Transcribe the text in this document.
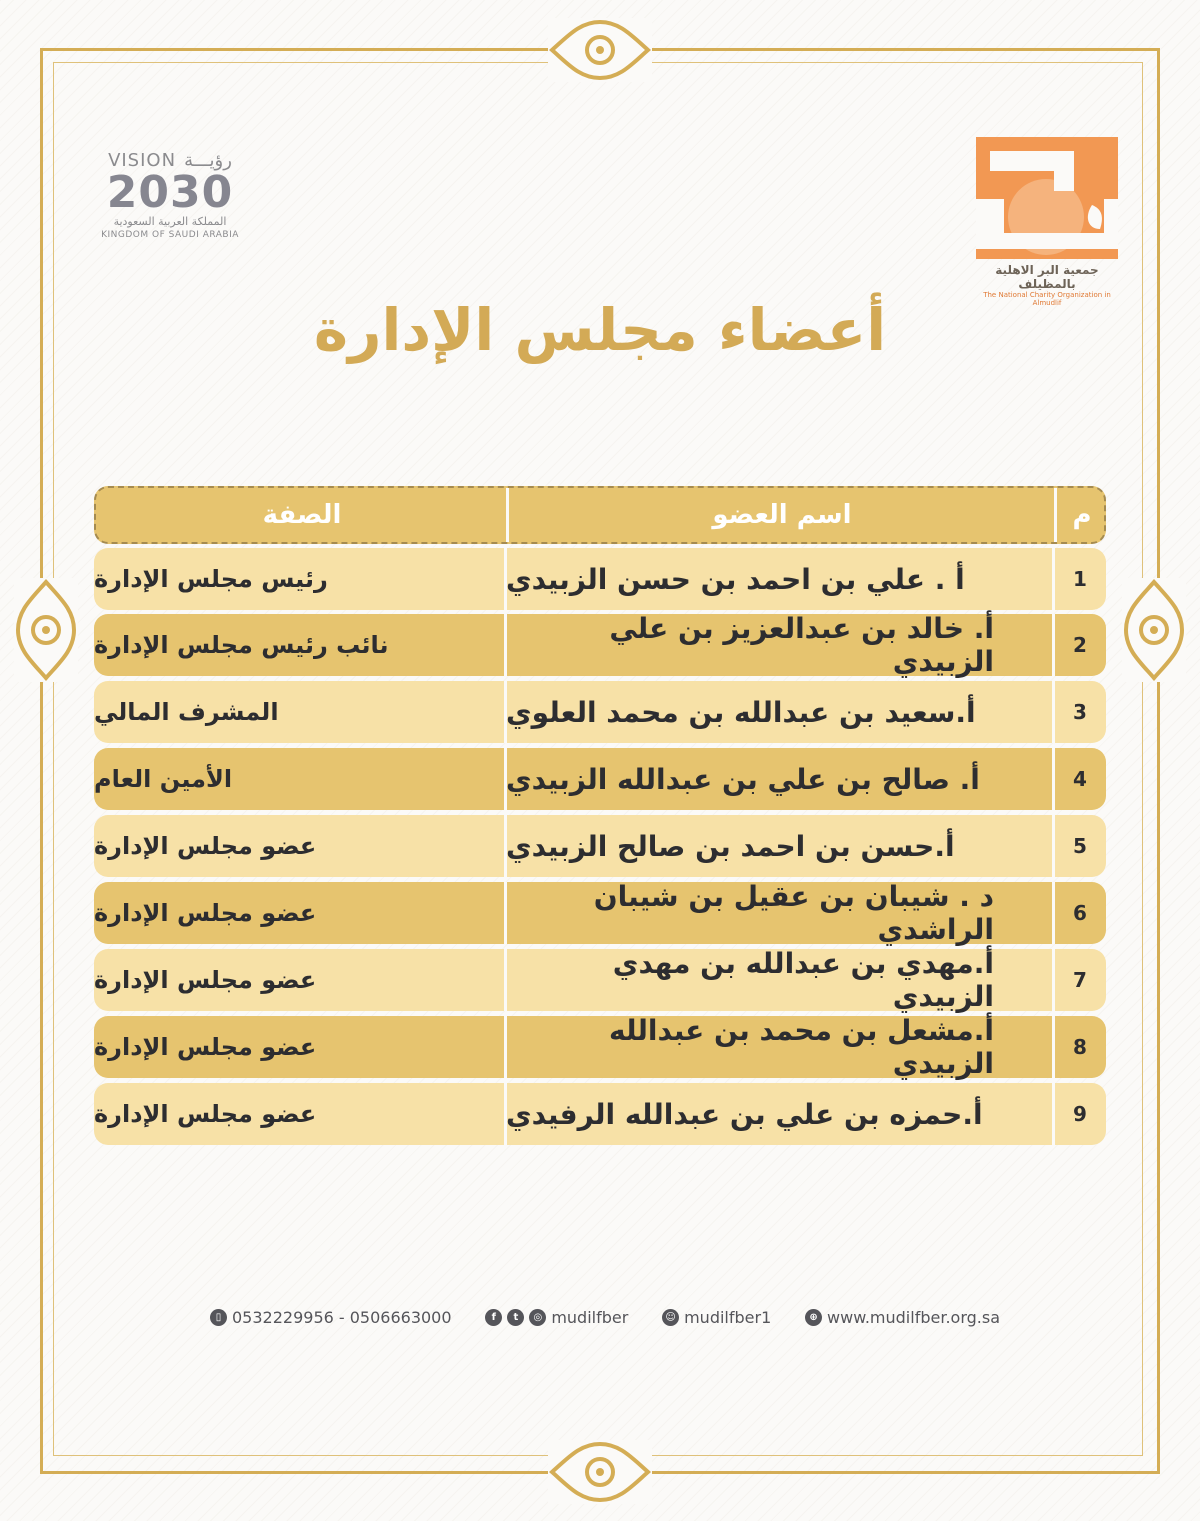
VISION رؤيـــة
2030
المملكة العربية السعودية
KINGDOM OF SAUDI ARABIA
جمعية البر الاهلية بالمظيلف
The National Charity Organization in Almudlif
أعضاء مجلس الإدارة
الصفة	اسم العضو	م
رئيس مجلس الإدارة	أ . علي بن احمد بن حسن الزبيدي	1
نائب رئيس مجلس الإدارة	أ. خالد بن عبدالعزيز بن علي الزبيدي	2
المشرف المالي	أ.سعيد بن عبدالله بن محمد العلوي	3
الأمين العام	أ. صالح بن علي بن عبدالله الزبيدي	4
عضو مجلس الإدارة	أ.حسن بن احمد بن صالح الزبيدي	5
عضو مجلس الإدارة	د . شيبان بن عقيل بن شيبان الراشدي	6
عضو مجلس الإدارة	أ.مهدي بن عبدالله بن مهدي الزبيدي	7
عضو مجلس الإدارة	أ.مشعل بن محمد بن عبدالله الزبيدي	8
عضو مجلس الإدارة	أ.حمزه بن علي بن عبدالله الرفيدي	9
▯ 0532229956 - 0506663000	f	t	◎ mudilfber	☺ mudilfber1	⊕ www.mudilfber.org.sa
